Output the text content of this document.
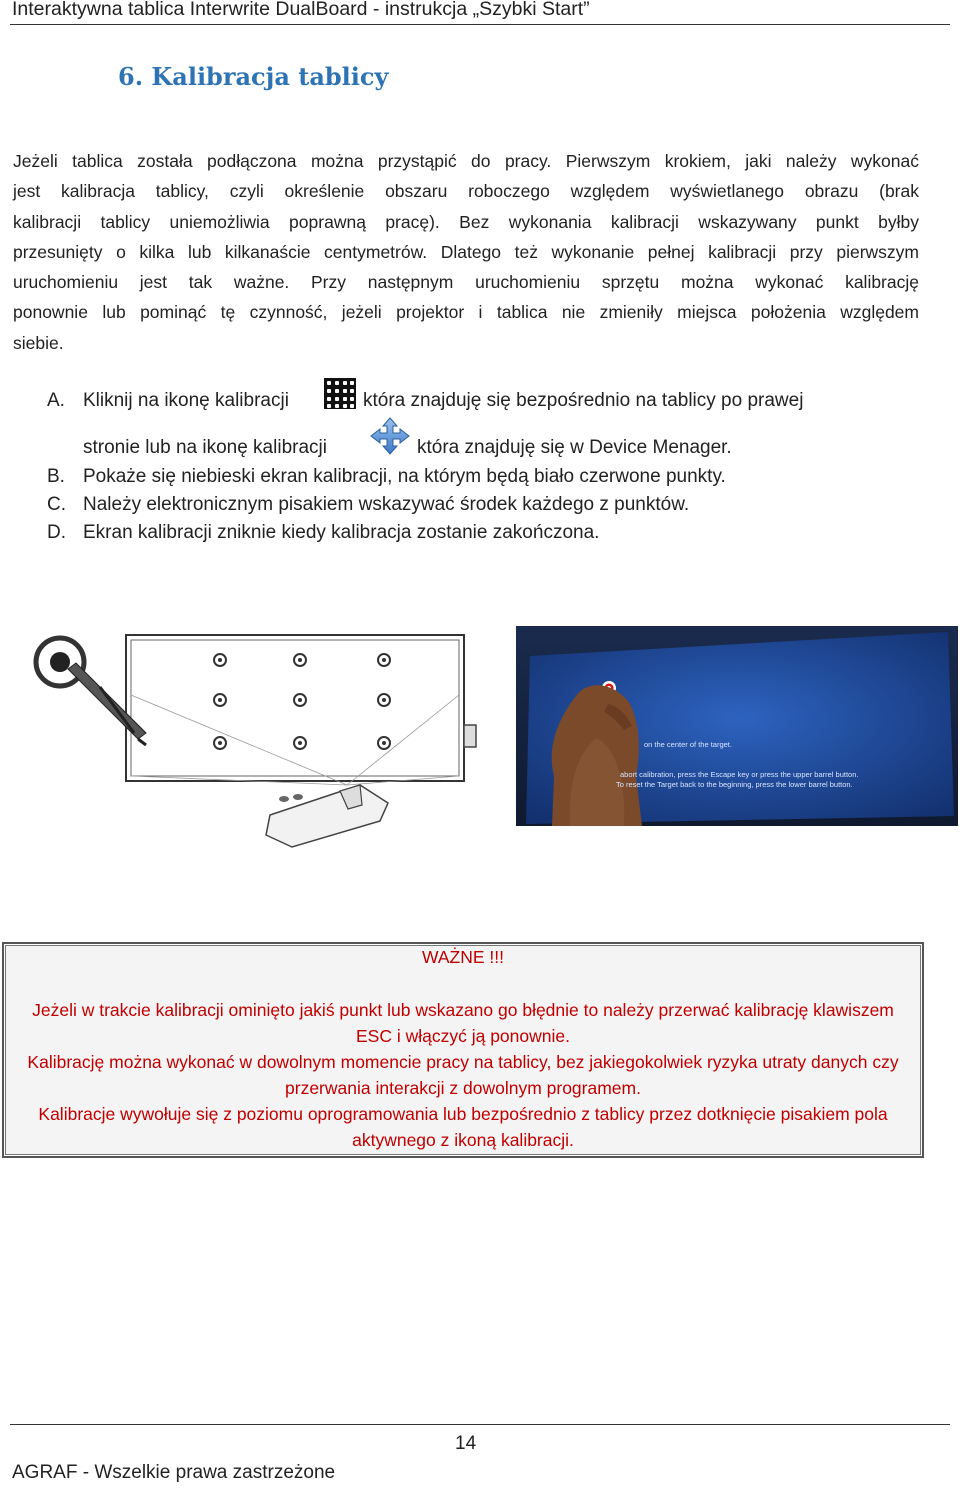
Interaktywna tablica Interwrite DualBoard - instrukcja „Szybki Start”
6. Kalibracja tablicy
Jeżeli tablica została podłączona można przystąpić do pracy. Pierwszym krokiem, jaki należy wykonać
jest kalibracja tablicy, czyli określenie obszaru roboczego względem wyświetlanego obrazu (brak
kalibracji tablicy uniemożliwia poprawną pracę). Bez wykonania kalibracji wskazywany punkt byłby
przesunięty o kilka lub kilkanaście centymetrów. Dlatego też wykonanie pełnej kalibracji przy pierwszym
uruchomieniu jest tak ważne. Przy następnym uruchomieniu sprzętu można wykonać kalibrację
ponownie lub pominąć tę czynność, jeżeli projektor i tablica nie zmieniły miejsca położenia względem
siebie.
A. Kliknij na ikonę kalibracji	która znajduję się bezpośrednio na tablicy po prawej
stronie lub na ikonę kalibracji	która znajduję się w Device Menager.
B. Pokaże się niebieski ekran kalibracji, na którym będą biało czerwone punkty.
C. Należy elektronicznym pisakiem wskazywać środek każdego z punktów.
D. Ekran kalibracji zniknie kiedy kalibracja zostanie zakończona.
on the center of the target.
abort calibration, press the Escape key or press the upper barrel button.
To reset the Target back to the beginning, press the lower barrel button.
WAŻNE !!!
Jeżeli w trakcie kalibracji ominięto jakiś punkt lub wskazano go błędnie to należy przerwać kalibrację klawiszem ESC i włączyć ją ponownie.
Kalibrację można wykonać w dowolnym momencie pracy na tablicy, bez jakiegokolwiek ryzyka utraty danych czy przerwania interakcji z dowolnym programem.
Kalibracje wywołuje się z poziomu oprogramowania lub bezpośrednio z tablicy przez dotknięcie pisakiem pola aktywnego z ikoną kalibracji.
14
AGRAF - Wszelkie prawa zastrzeżone
